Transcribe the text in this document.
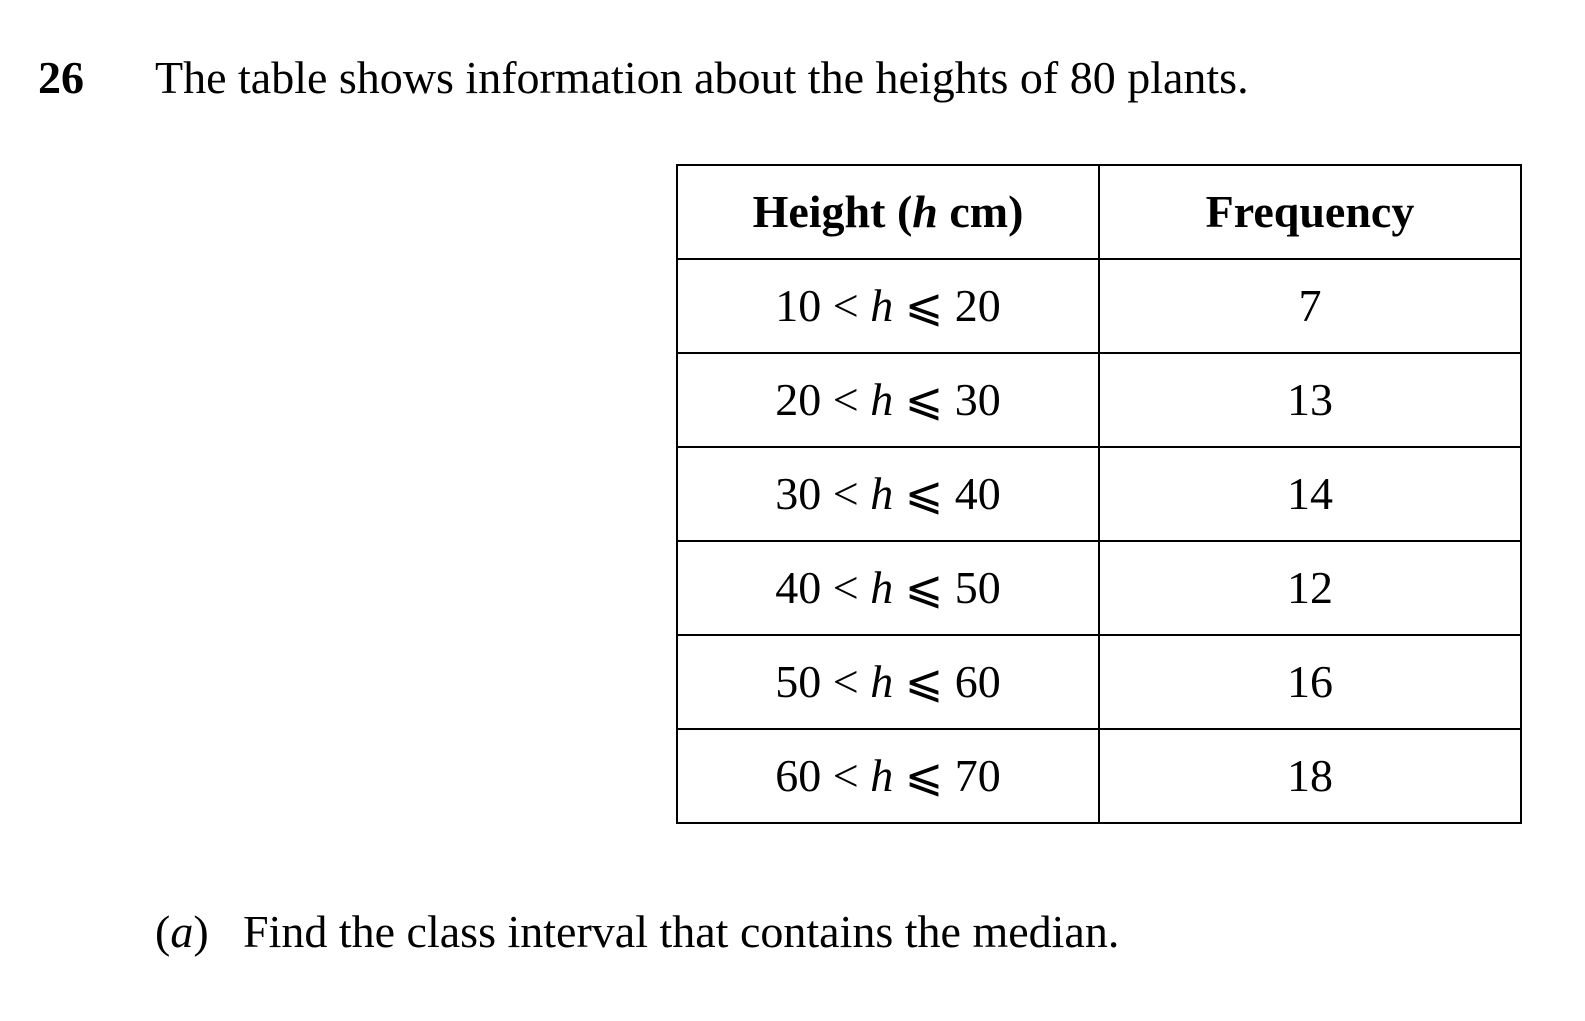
26 The table shows information about the heights of 80 plants.
Height (h cm)	Frequency
10 < h ⩽ 20	7
20 < h ⩽ 30	13
30 < h ⩽ 40	14
40 < h ⩽ 50	12
50 < h ⩽ 60	16
60 < h ⩽ 70	18
(a) Find the class interval that contains the median.
